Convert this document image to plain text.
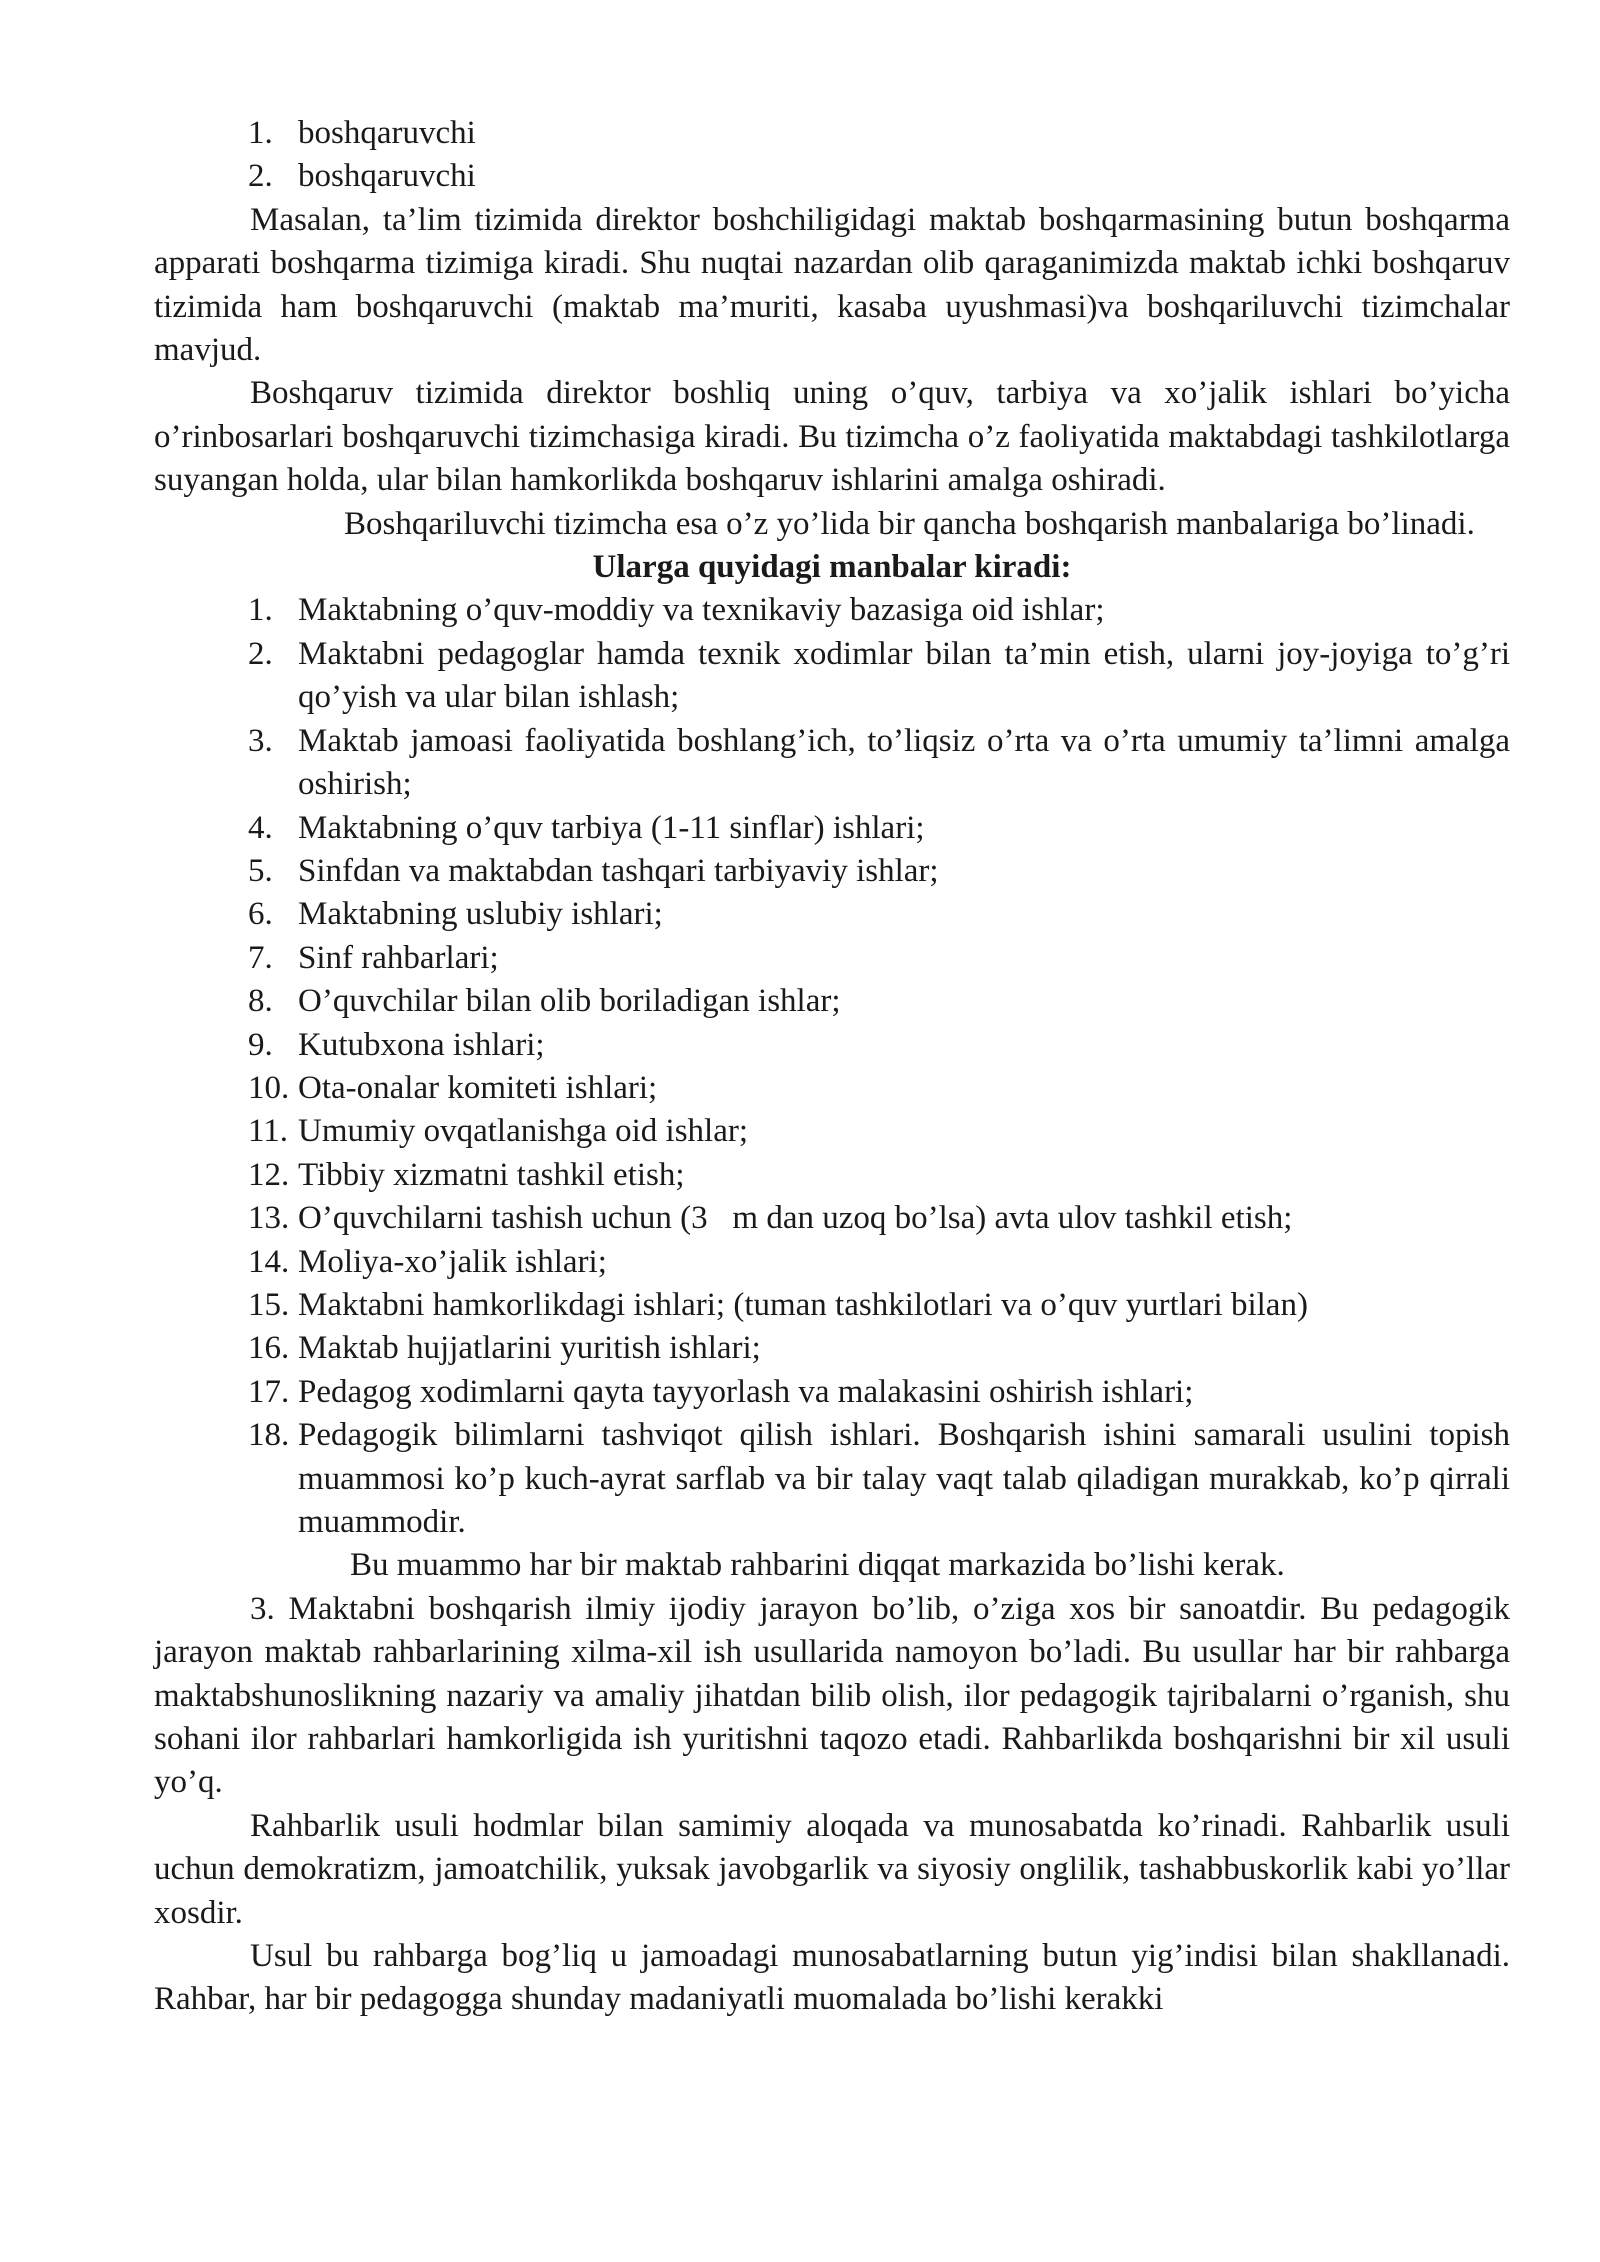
1. boshqaruvchi
2. boshqaruvchi

Masalan, ta’lim tizimida direktor boshchiligidagi maktab boshqarmasining butun boshqarma apparati boshqarma tizimiga kiradi. Shu nuqtai nazardan olib qaraganimizda maktab ichki boshqaruv tizimida ham boshqaruvchi (maktab ma’muriti, kasaba uyushmasi)va boshqariluvchi tizimchalar mavjud.

Boshqaruv tizimida direktor boshliq uning o’quv, tarbiya va xo’jalik ishlari bo’yicha o’rinbosarlari boshqaruvchi tizimchasiga kiradi. Bu tizimcha o’z faoliyatida maktabdagi tashkilotlarga suyangan holda, ular bilan hamkorlikda boshqaruv ishlarini amalga oshiradi.

Boshqariluvchi tizimcha esa o’z yo’lida bir qancha boshqarish manbalariga bo’linadi.

Ularga quyidagi manbalar kiradi:

1. Maktabning o’quv-moddiy va texnikaviy bazasiga oid ishlar;
2. Maktabni pedagoglar hamda texnik xodimlar bilan ta’min etish, ularni joy-joyiga to’g’ri qo’yish va ular bilan ishlash;
3. Maktab jamoasi faoliyatida boshlang’ich, to’liqsiz o’rta va o’rta umumiy ta’limni amalga oshirish;
4. Maktabning o’quv tarbiya (1-11 sinflar) ishlari;
5. Sinfdan va maktabdan tashqari tarbiyaviy ishlar;
6. Maktabning uslubiy ishlari;
7. Sinf rahbarlari;
8. O’quvchilar bilan olib boriladigan ishlar;
9. Kutubxona ishlari;
10. Ota-onalar komiteti ishlari;
11. Umumiy ovqatlanishga oid ishlar;
12. Tibbiy xizmatni tashkil etish;
13. O’quvchilarni tashish uchun (3   m dan uzoq bo’lsa) avta ulov tashkil etish;
14. Moliya-xo’jalik ishlari;
15. Maktabni hamkorlikdagi ishlari; (tuman tashkilotlari va o’quv yurtlari bilan)
16. Maktab hujjatlarini yuritish ishlari;
17. Pedagog xodimlarni qayta tayyorlash va malakasini oshirish ishlari;
18. Pedagogik bilimlarni tashviqot qilish ishlari. Boshqarish ishini samarali usulini topish muammosi ko’p kuch-ayrat sarflab va bir talay vaqt talab qiladigan murakkab, ko’p qirrali muammodir.

Bu muammo har bir maktab rahbarini diqqat markazida bo’lishi kerak.

3. Maktabni boshqarish ilmiy ijodiy jarayon bo’lib, o’ziga xos bir sanoatdir. Bu pedagogik jarayon maktab rahbarlarining xilma-xil ish usullarida namoyon bo’ladi. Bu usullar har bir rahbarga maktabshunoslikning nazariy va amaliy jihatdan bilib olish, ilor pedagogik tajribalarni o’rganish, shu sohani ilor rahbarlari hamkorligida ish yuritishni taqozo etadi. Rahbarlikda boshqarishni bir xil usuli yo’q.

Rahbarlik usuli hodmlar bilan samimiy aloqada va munosabatda ko’rinadi. Rahbarlik usuli uchun demokratizm, jamoatchilik, yuksak javobgarlik va siyosiy onglilik, tashabbuskorlik kabi yo’llar xosdir.

Usul bu rahbarga bog’liq u jamoadagi munosabatlarning butun yig’indisi bilan shakllanadi. Rahbar, har bir pedagogga shunday madaniyatli muomalada bo’lishi kerakki
